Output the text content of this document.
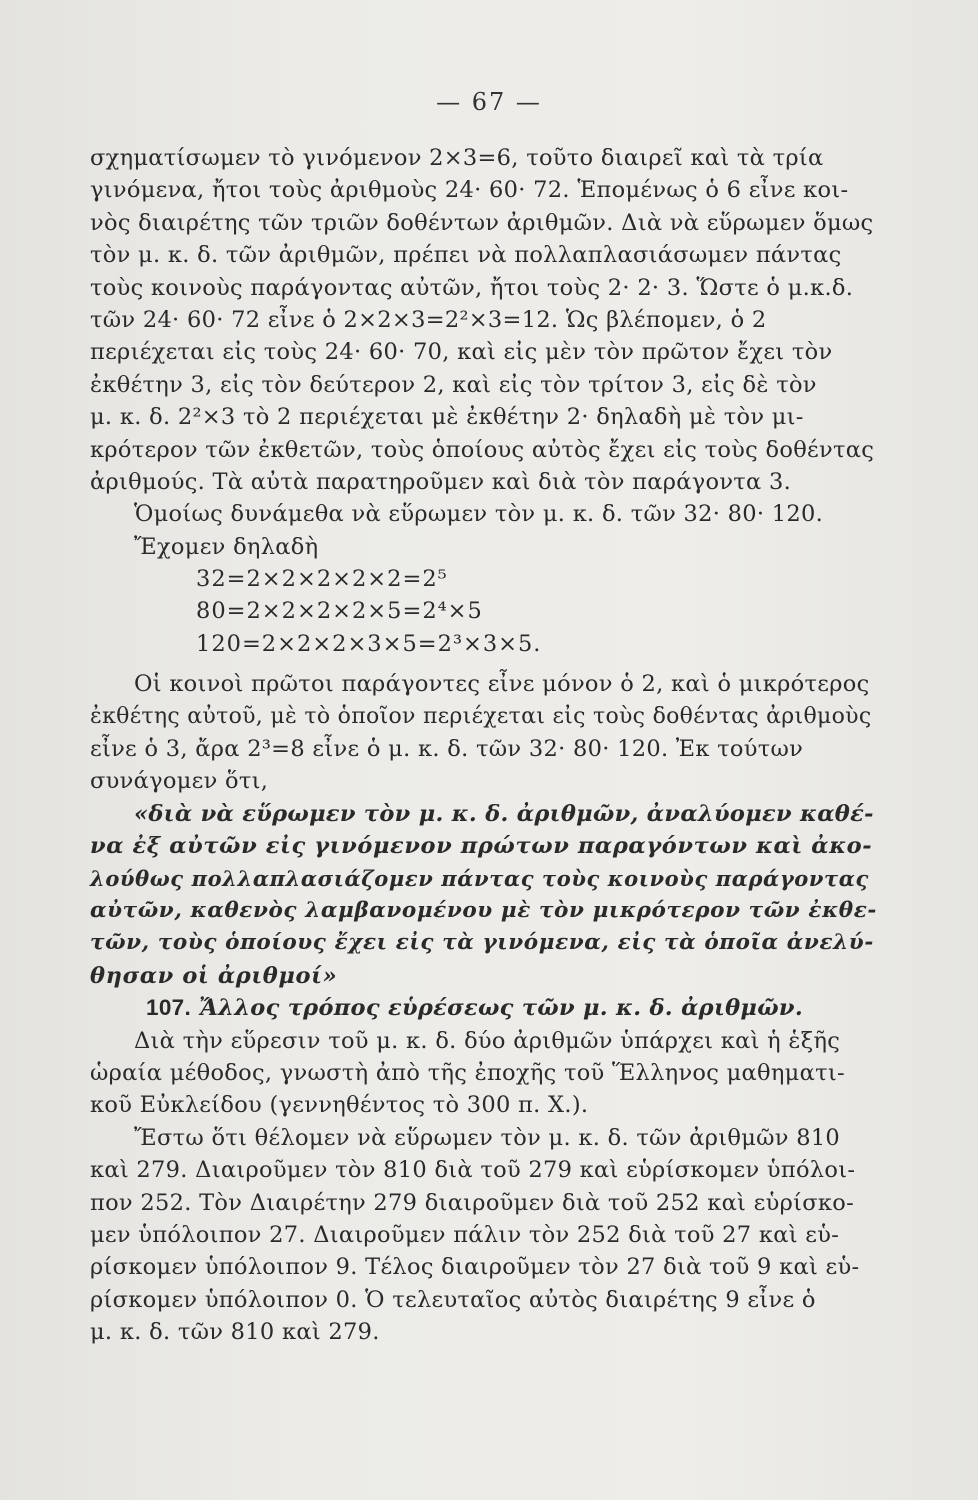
— 67 —
σχηματίσωμεν τὸ γινόμενον 2×3=6, τοῦτο διαιρεῖ καὶ τὰ τρία
γινόμενα, ἤτοι τοὺς ἀριθμοὺς 24· 60· 72. Ἑπομένως ὁ 6 εἶνε κοι-
νὸς διαιρέτης τῶν τριῶν δοθέντων ἀριθμῶν. Διὰ νὰ εὕρωμεν ὅμως
τὸν μ. κ. δ. τῶν ἀριθμῶν, πρέπει νὰ πολλαπλασιάσωμεν πάντας
τοὺς κοινοὺς παράγοντας αὐτῶν, ἤτοι τοὺς 2· 2· 3. Ὥστε ὁ μ.κ.δ.
τῶν 24· 60· 72 εἶνε ὁ 2×2×3=2²×3=12. Ὡς βλέπομεν, ὁ 2
περιέχεται εἰς τοὺς 24· 60· 70, καὶ εἰς μὲν τὸν πρῶτον ἔχει τὸν
ἐκθέτην 3, εἰς τὸν δεύτερον 2, καὶ εἰς τὸν τρίτον 3, εἰς δὲ τὸν
μ. κ. δ. 2²×3 τὸ 2 περιέχεται μὲ ἐκθέτην 2· δηλαδὴ μὲ τὸν μι-
κρότερον τῶν ἐκθετῶν, τοὺς ὁποίους αὐτὸς ἔχει εἰς τοὺς δοθέντας
ἀριθμούς. Τὰ αὐτὰ παρατηροῦμεν καὶ διὰ τὸν παράγοντα 3.
Ὁμοίως δυνάμεθα νὰ εὕρωμεν τὸν μ. κ. δ. τῶν 32· 80· 120.
Ἔχομεν δηλαδὴ
32=2×2×2×2×2=2⁵
80=2×2×2×2×5=2⁴×5
120=2×2×2×3×5=2³×3×5.
Οἱ κοινοὶ πρῶτοι παράγοντες εἶνε μόνον ὁ 2, καὶ ὁ μικρότερος
ἐκθέτης αὐτοῦ, μὲ τὸ ὁποῖον περιέχεται εἰς τοὺς δοθέντας ἀριθμοὺς
εἶνε ὁ 3, ἄρα 2³=8 εἶνε ὁ μ. κ. δ. τῶν 32· 80· 120. Ἐκ τούτων
συνάγομεν ὅτι,
«διὰ νὰ εὕρωμεν τὸν μ. κ. δ. ἀριθμῶν, ἀναλύομεν καθέ-
να ἐξ αὐτῶν εἰς γινόμενον πρώτων παραγόντων καὶ ἀκο-
λούθως πολλαπλασιάζομεν πάντας τοὺς κοινοὺς παράγοντας
αὐτῶν, καθενὸς λαμβανομένου μὲ τὸν μικρότερον τῶν ἐκθε-
τῶν, τοὺς ὁποίους ἔχει εἰς τὰ γινόμενα, εἰς τὰ ὁποῖα ἀνελύ-
θησαν οἱ ἀριθμοί»
107. Ἄλλος τρόπος εὑρέσεως τῶν μ. κ. δ. ἀριθμῶν.
Διὰ τὴν εὕρεσιν τοῦ μ. κ. δ. δύο ἀριθμῶν ὑπάρχει καὶ ἡ ἑξῆς
ὡραία μέθοδος, γνωστὴ ἀπὸ τῆς ἐποχῆς τοῦ Ἕλληνος μαθηματι-
κοῦ Εὐκλείδου (γεννηθέντος τὸ 300 π. Χ.).
Ἔστω ὅτι θέλομεν νὰ εὕρωμεν τὸν μ. κ. δ. τῶν ἀριθμῶν 810
καὶ 279. Διαιροῦμεν τὸν 810 διὰ τοῦ 279 καὶ εὑρίσκομεν ὑπόλοι-
πον 252. Τὸν Διαιρέτην 279 διαιροῦμεν διὰ τοῦ 252 καὶ εὑρίσκο-
μεν ὑπόλοιπον 27. Διαιροῦμεν πάλιν τὸν 252 διὰ τοῦ 27 καὶ εὑ-
ρίσκομεν ὑπόλοιπον 9. Τέλος διαιροῦμεν τὸν 27 διὰ τοῦ 9 καὶ εὑ-
ρίσκομεν ὑπόλοιπον 0. Ὁ τελευταῖος αὐτὸς διαιρέτης 9 εἶνε ὁ
μ. κ. δ. τῶν 810 καὶ 279.
